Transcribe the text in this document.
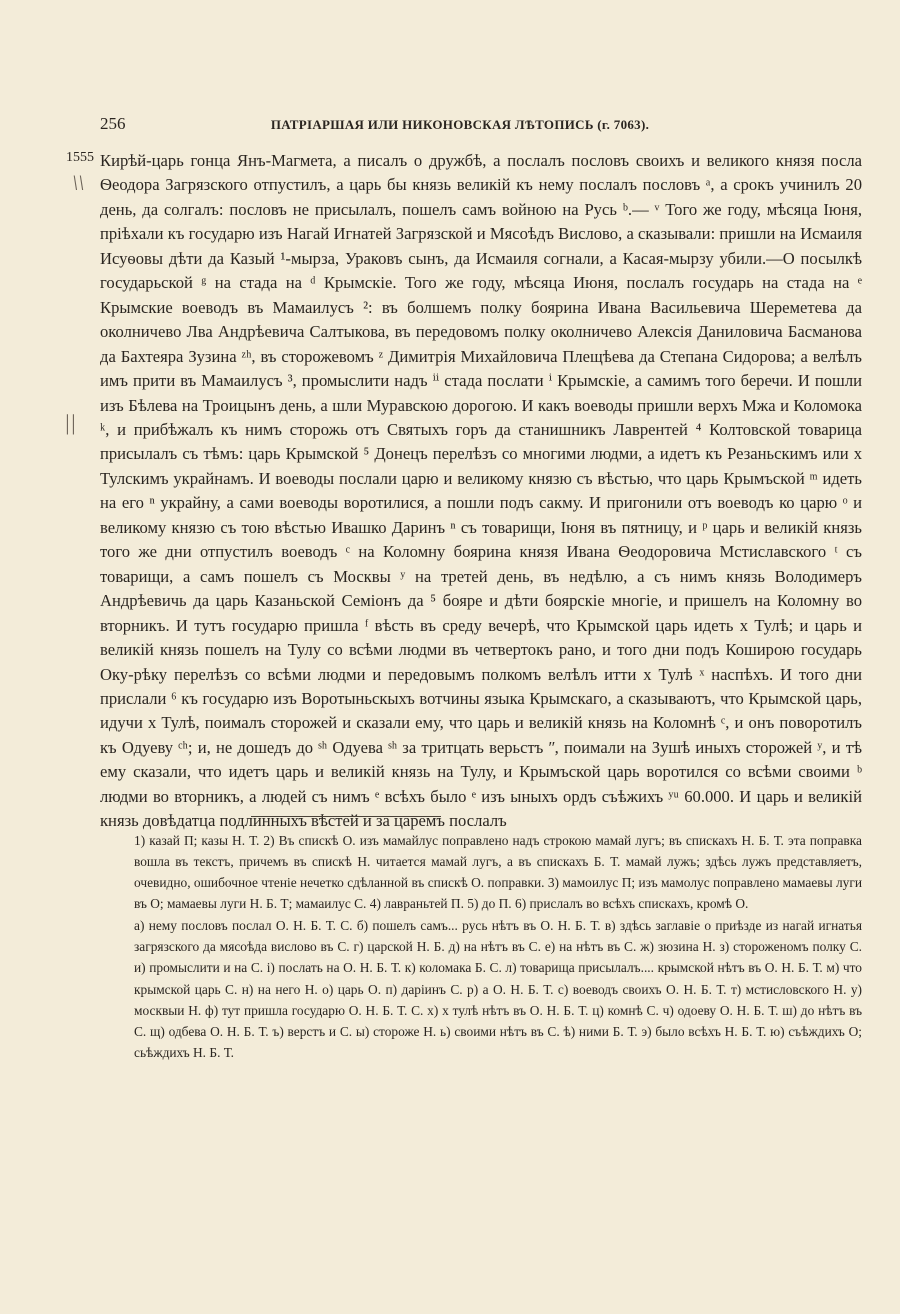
256	ПАТРІАРШАЯ ИЛИ НИКОНОВСКАЯ ЛѢТОПИСЬ (г. 7063).
1555
\\
||

Кирѣй-царь гонца Янъ-Магмета, а писалъ о дружбѣ, а послалъ пословъ своихъ и великого князя посла Ѳеодора Загрязского отпустилъ, а царь бы князь великій къ нему послалъ пословъ ᵃ, а срокъ учинилъ 20 день, да солгалъ: пословъ не присылалъ, пошелъ самъ войною на Русь ᵇ.— ᵛ Того же году, мѣсяца Іюня, пріѣхали къ государю изъ Нагай Игнатей Загрязской и Мясоѣдъ Вислово, а сказывали: пришли на Исмаиля Исуѳовы дѣти да Казый ¹-мырза, Ураковъ сынъ, да Исмаиля согнали, а Касая-мырзу убили.—О посылкѣ государьской ᵍ на стада на ᵈ Крымскіе. Того же году, мѣсяца Июня, послалъ государь на стада на ᵉ Крымские воеводъ въ Мамаилусъ ²: въ болшемъ полку боярина Ивана Васильевича Шереметева да околничево Лва Андрѣевича Салтыкова, въ передовомъ полку околничево Алексія Даниловича Басманова да Бахтеяра Зузина ᶻʰ, въ сторожевомъ ᶻ Димитрія Михайловича Плещѣева да Степана Сидорова; а велѣлъ имъ прити въ Мамаилусъ ³, промыслити надъ ⁱⁱ стада послати ⁱ Крымскіе, а самимъ того беречи. И пошли изъ Бѣлева на Троицынъ день, а шли Муравскою дорогою. И какъ воеводы пришли верхъ Мжа и Коломока ᵏ, и прибѣжалъ къ нимъ сторожь отъ Святыхъ горъ да станишникъ Лаврентей ⁴ Колтовской товарица присылалъ съ тѣмъ: царь Крымской ⁵ Донецъ перелѣзъ со многими людми, а идетъ къ Резаньскимъ или х Тулскимъ украйнамъ. И воеводы послали царю и великому князю съ вѣстью, что царь Крымъской ᵐ идеть на его ⁿ украйну, а сами воеводы воротилися, а пошли подъ сакму. И пригонили отъ воеводъ ко царю ᵒ и великому князю съ тою вѣстью Ивашко Даринъ ⁿ съ товарищи, Іюня въ пятницу, и ᵖ царь и великій князь того же дни отпустилъ воеводъ ᶜ на Коломну боярина князя Ивана Ѳеодоровича Мстиславского ᵗ съ товарищи, а самъ пошелъ съ Москвы ʸ на третей день, въ недѣлю, а съ нимъ князь Володимеръ Андрѣевичь да царь Казаньской Семіонъ да ⁵ бояре и дѣти боярскіе многіе, и пришелъ на Коломну во вторникъ. И тутъ государю пришла ᶠ вѣсть въ среду вечерѣ, что Крымской царь идеть х Тулѣ; и царь и великій князь пошелъ на Тулу со всѣми людми въ четвертокъ рано, и того дни подъ Коширою государь Оку-рѣку перелѣзъ со всѣми людми и передовымъ полкомъ велѣлъ итти х Тулѣ ˣ наспѣхъ. И того дни прислали ⁶ къ государю изъ Воротыньскыхъ вотчины языка Крымскаго, а сказываютъ, что Крымской царь, идучи х Тулѣ, поималъ сторожей и сказали ему, что царь и великій князь на Коломнѣ ᶜ, и онъ поворотилъ къ Одуеву ᶜʰ; и, не дошедъ до ˢʰ Одуева ˢʰ за тритцать верьстъ ʺ, поимали на Зушѣ иныхъ сторожей ʸ, и тѣ ему сказали, что идетъ царь и великій князь на Тулу, и Крымъской царь воротился со всѣми своими ᵇ людми во вторникъ, а людей съ нимъ ᵉ всѣхъ было ᵉ изъ ыныхъ ордъ съѣжихъ ʸᵘ 60.000. И царь и великій князь довѣдатца подлинныхъ вѣстей и за царемъ послалъ

1) казай П; казы Н. Т. 2) Въ спискѣ О. изъ мамайлус поправлено надъ строкою мамай лугъ; въ спискахъ Н. Б. Т. эта поправка вошла въ текстъ, причемъ въ спискѣ Н. читается мамай лугъ, а въ спискахъ Б. Т. мамай лужъ; здѣсь лужъ представляетъ, очевидно, ошибочное чтеніе нечетко сдѣланной въ спискѣ О. поправки. 3) мамоилус П; изъ мамолус поправлено мамаевы луги въ О; мамаевы луги Н. Б. Т; мамаилус С. 4) лавраньтей П. 5) до П. 6) прислалъ во всѣхъ спискахъ, кромѣ О.

а) нему пословъ послал О. Н. Б. Т. С. б) пошелъ самъ... русь нѣтъ въ О. Н. Б. Т. в) здѣсь заглавіе о приѣзде из нагай игнатья загрязского да мясоѣда вислово въ С. г) царской Н. Б. д) на нѣтъ въ С. е) на нѣтъ въ С. ж) зюзина Н. з) стороженомъ полку С. и) промыслити и на С. і) послать на О. Н. Б. Т. к) коломака Б. С. л) товарища присылалъ.... крымской нѣтъ въ О. Н. Б. Т. м) что крымской царь С. н) на него Н. о) царь О. п) даріинъ С. р) а О. Н. Б. Т. с) воеводъ своихъ О. Н. Б. Т. т) мстисловского Н. у) москвыи Н. ф) тут пришла государю О. Н. Б. Т. С. х) х тулѣ нѣтъ въ О. Н. Б. Т. ц) комнѣ С. ч) одоеву О. Н. Б. Т. ш) до нѣтъ въ С. щ) одбева О. Н. Б. Т. ъ) верстъ и С. ы) стороже Н. ь) своими нѣтъ въ С. ѣ) ними Б. Т. э) было всѣхъ Н. Б. Т. ю) съѣждихъ О; сьѣждихъ Н. Б. Т.
